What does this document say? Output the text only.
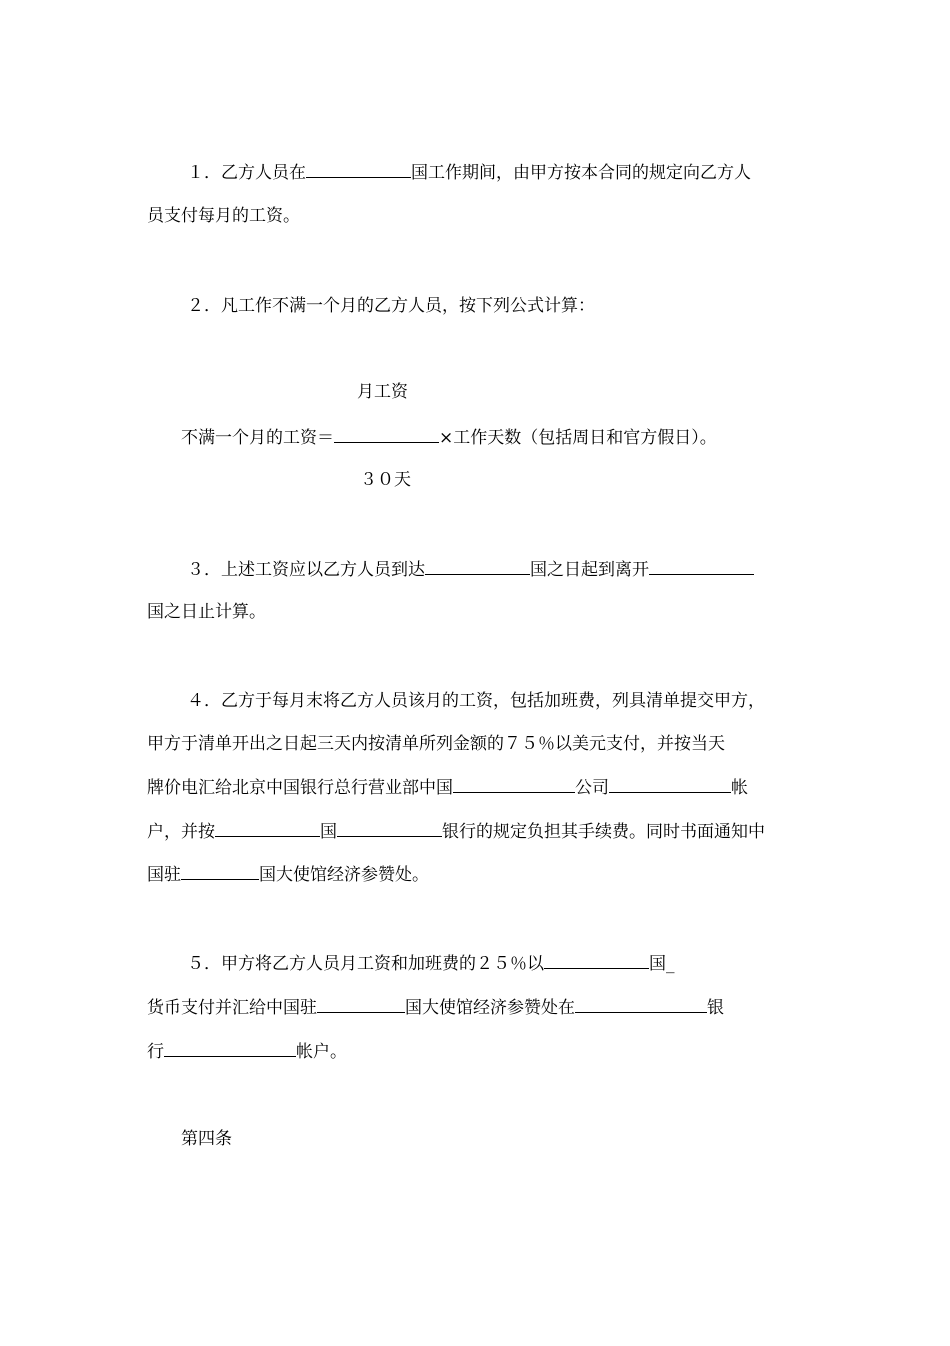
１．乙方人员在	国工作期间，由甲方按本合同的规定向乙方人
员支付每月的工资。
２．凡工作不满一个月的乙方人员，按下列公式计算：
月工资
不满一个月的工资＝	×工作天数（包括周日和官方假日）。
３０天
３．上述工资应以乙方人员到达	国之日起到离开
国之日止计算。
４．乙方于每月末将乙方人员该月的工资，包括加班费，列具清单提交甲方，
甲方于清单开出之日起三天内按清单所列金额的７５％以美元支付，并按当天
牌价电汇给北京中国银行总行营业部中国	公司	帐
户，并按	国	银行的规定负担其手续费。同时书面通知中
国驻	国大使馆经济参赞处。
５．甲方将乙方人员月工资和加班费的２５％以	国_
货币支付并汇给中国驻	国大使馆经济参赞处在	银
行	帐户。
第四条
